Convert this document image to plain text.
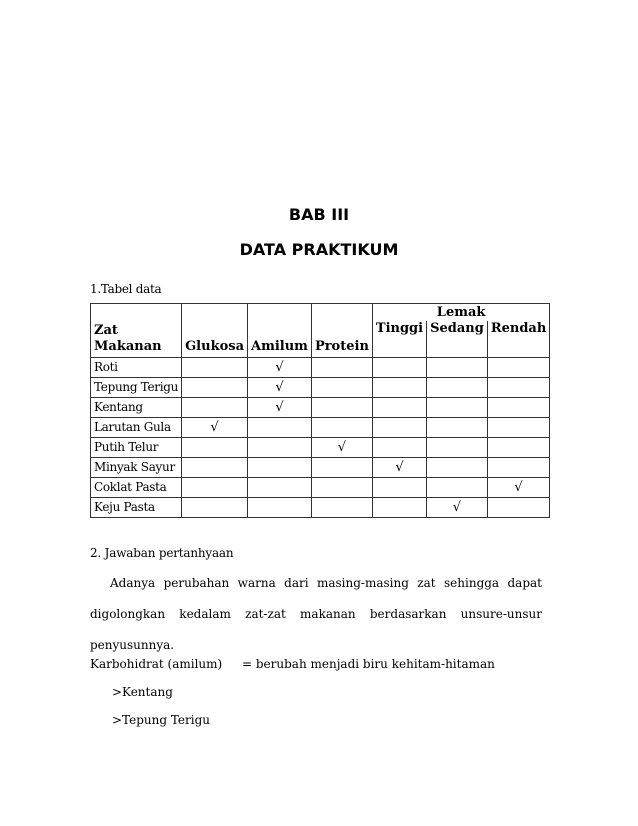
BAB III
DATA PRAKTIKUM
1.Tabel data
Zat
Makanan	Glukosa	Amilum	Protein	Lemak		
				Tinggi	Sedang	Rendah
Roti		√				
Tepung Terigu		√				
Kentang		√				
Larutan Gula	√					
Putih Telur			√			
Minyak Sayur				√		
Coklat Pasta						√
Keju Pasta					√	
2. Jawaban pertanhyaan
Adanya perubahan warna dari masing-masing zat sehingga dapat digolongkan kedalam zat-zat makanan berdasarkan unsure-unsur penyusunnya.
Karbohidrat (amilum) = berubah menjadi biru kehitam-hitaman
>Kentang
>Tepung Terigu
